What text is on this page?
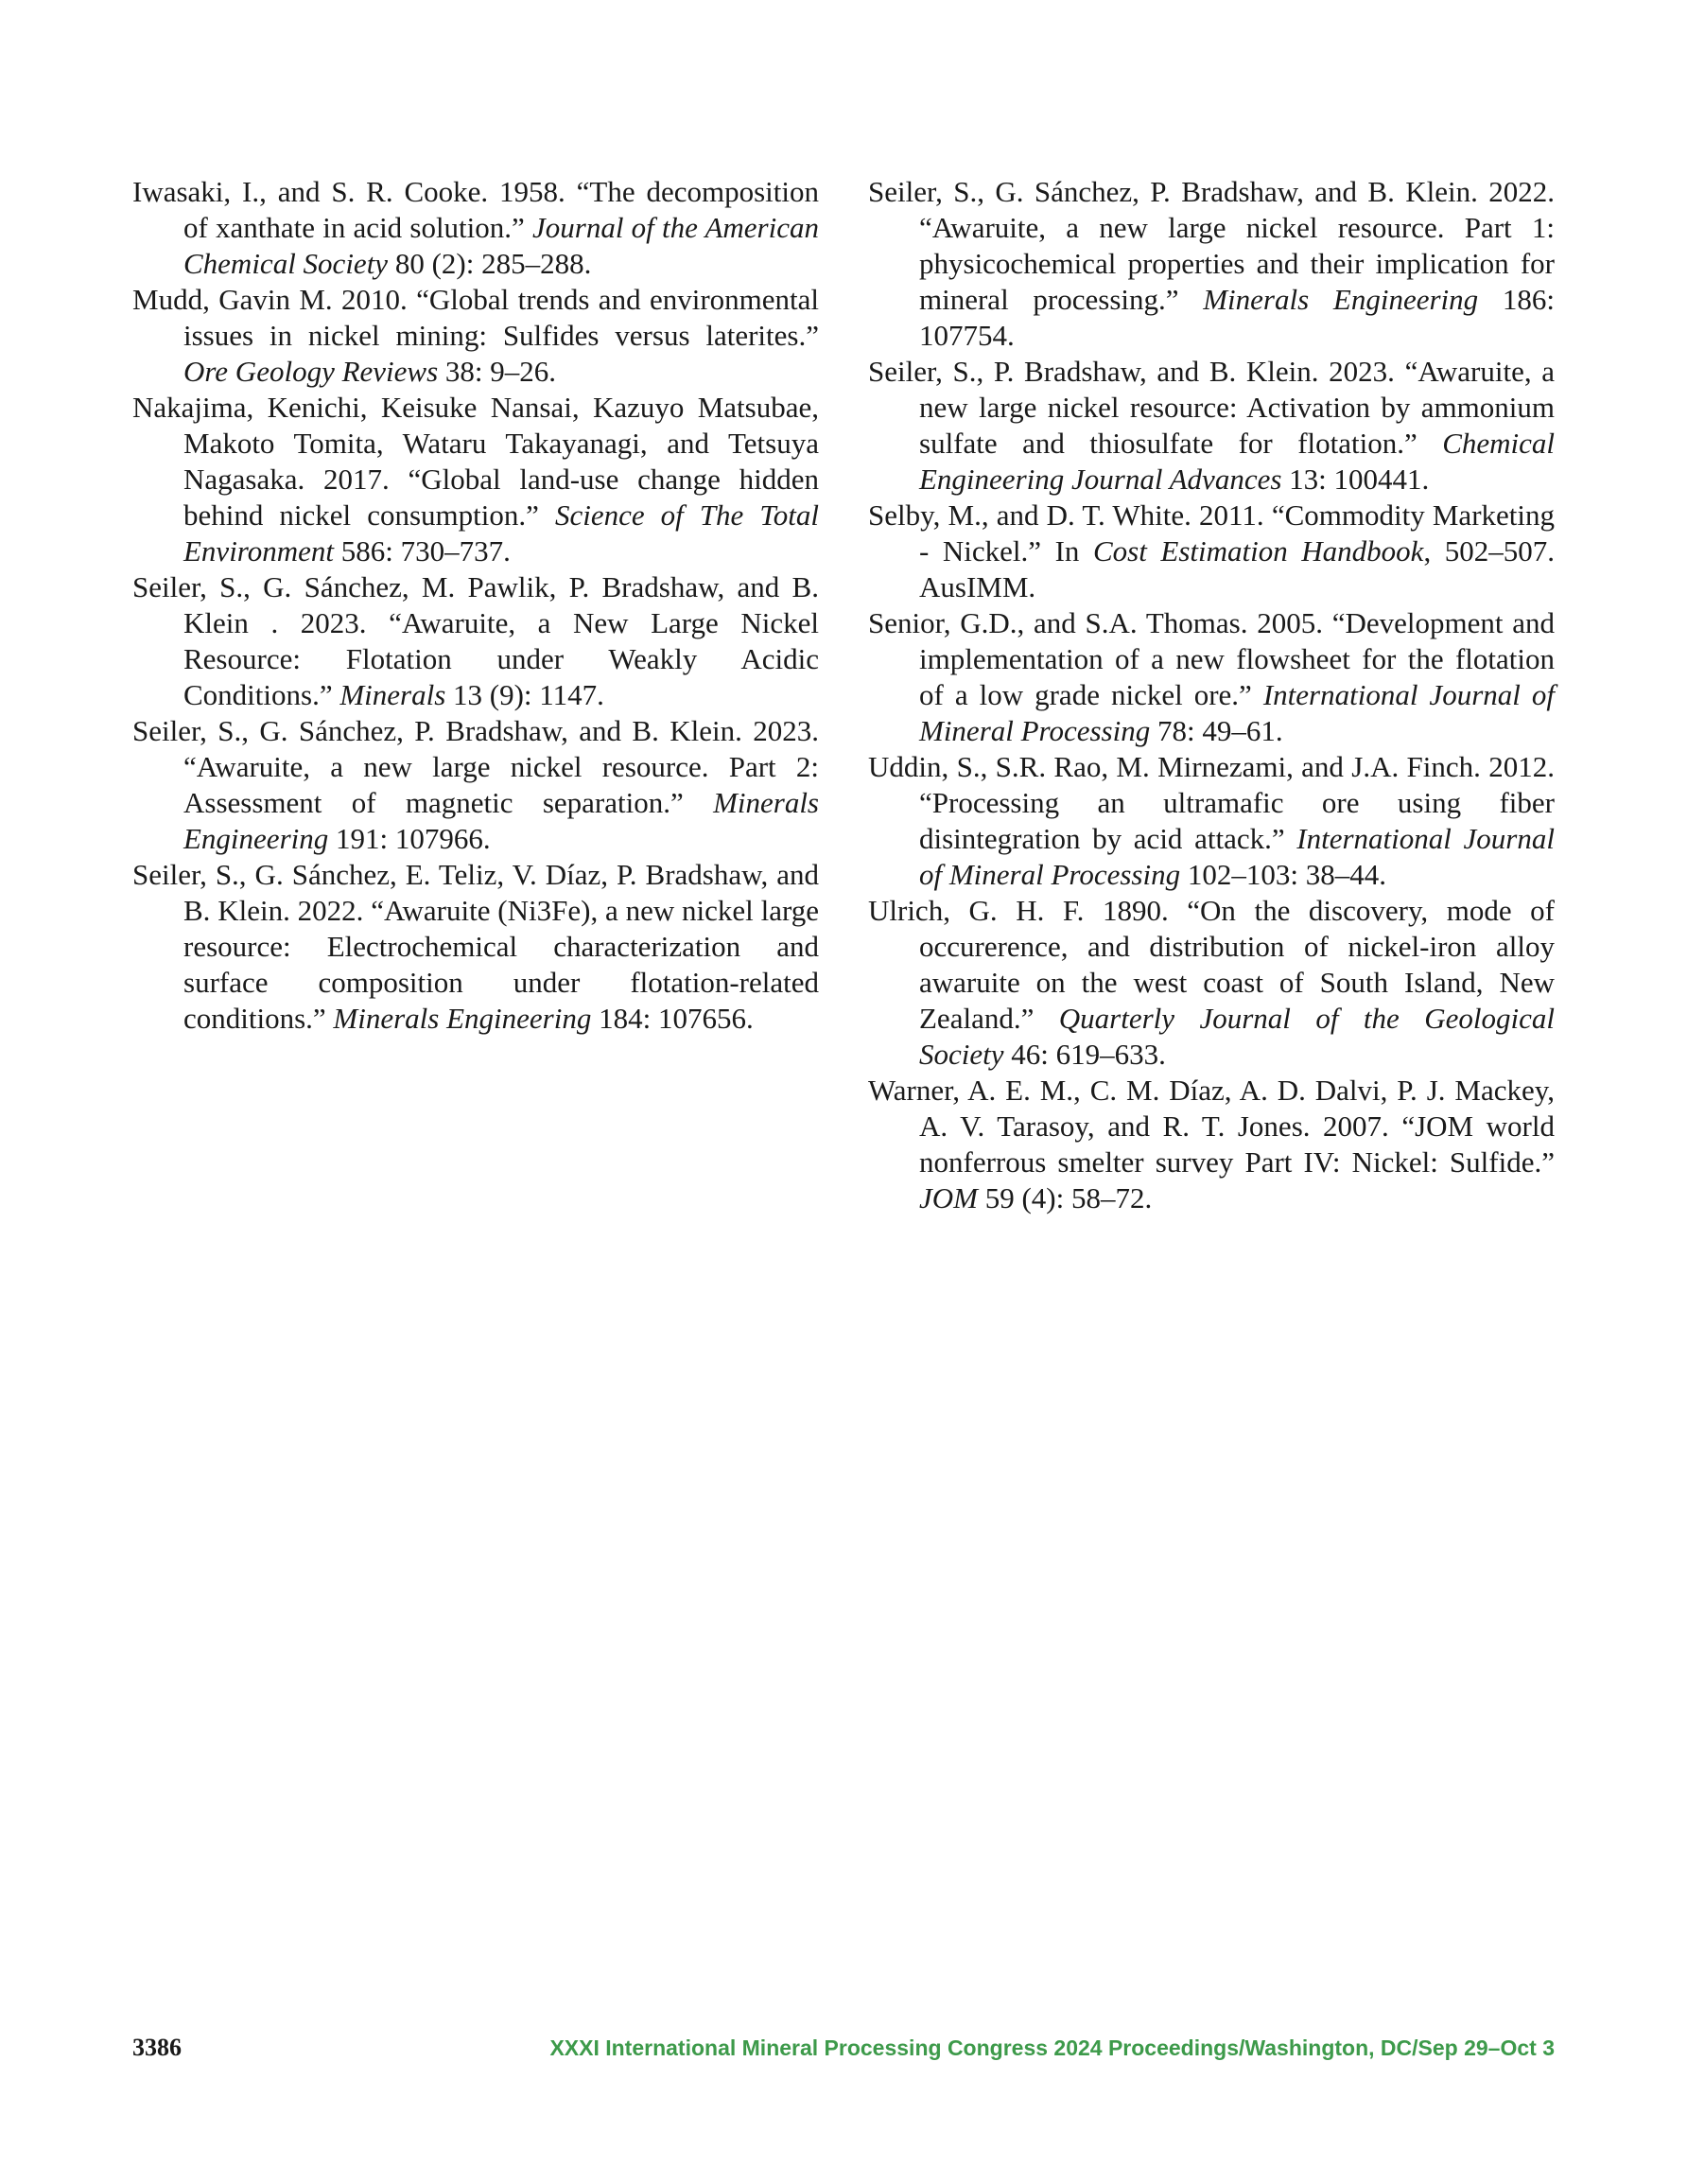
Iwasaki, I., and S. R. Cooke. 1958. “The decomposition of xanthate in acid solution.” Journal of the American Chemical Society 80 (2): 285–288.

Mudd, Gavin M. 2010. “Global trends and environmental issues in nickel mining: Sulfides versus laterites.” Ore Geology Reviews 38: 9–26.

Nakajima, Kenichi, Keisuke Nansai, Kazuyo Matsubae, Makoto Tomita, Wataru Takayanagi, and Tetsuya Nagasaka. 2017. “Global land-use change hidden behind nickel consumption.” Science of The Total Environment 586: 730–737.

Seiler, S., G. Sánchez, M. Pawlik, P. Bradshaw, and B. Klein . 2023. “Awaruite, a New Large Nickel Resource: Flotation under Weakly Acidic Conditions.” Minerals 13 (9): 1147.

Seiler, S., G. Sánchez, P. Bradshaw, and B. Klein. 2023. “Awaruite, a new large nickel resource. Part 2: Assessment of magnetic separation.” Minerals Engineering 191: 107966.

Seiler, S., G. Sánchez, E. Teliz, V. Díaz, P. Bradshaw, and B. Klein. 2022. “Awaruite (Ni3Fe), a new nickel large resource: Electrochemical characterization and surface composition under flotation-related conditions.” Minerals Engineering 184: 107656.

Seiler, S., G. Sánchez, P. Bradshaw, and B. Klein. 2022. “Awaruite, a new large nickel resource. Part 1: physicochemical properties and their implication for mineral processing.” Minerals Engineering 186: 107754.

Seiler, S., P. Bradshaw, and B. Klein. 2023. “Awaruite, a new large nickel resource: Activation by ammonium sulfate and thiosulfate for flotation.” Chemical Engineering Journal Advances 13: 100441.

Selby, M., and D. T. White. 2011. “Commodity Marketing - Nickel.” In Cost Estimation Handbook, 502–507. AusIMM.

Senior, G.D., and S.A. Thomas. 2005. “Development and implementation of a new flowsheet for the flotation of a low grade nickel ore.” International Journal of Mineral Processing 78: 49–61.

Uddin, S., S.R. Rao, M. Mirnezami, and J.A. Finch. 2012. “Processing an ultramafic ore using fiber disintegration by acid attack.” International Journal of Mineral Processing 102–103: 38–44.

Ulrich, G. H. F. 1890. “On the discovery, mode of occurerence, and distribution of nickel-iron alloy awaruite on the west coast of South Island, New Zealand.” Quarterly Journal of the Geological Society 46: 619–633.

Warner, A. E. M., C. M. Díaz, A. D. Dalvi, P. J. Mackey, A. V. Tarasoy, and R. T. Jones. 2007. “JOM world nonferrous smelter survey Part IV: Nickel: Sulfide.” JOM 59 (4): 58–72.

3386	XXXI International Mineral Processing Congress 2024 Proceedings/Washington, DC/Sep 29–Oct 3
